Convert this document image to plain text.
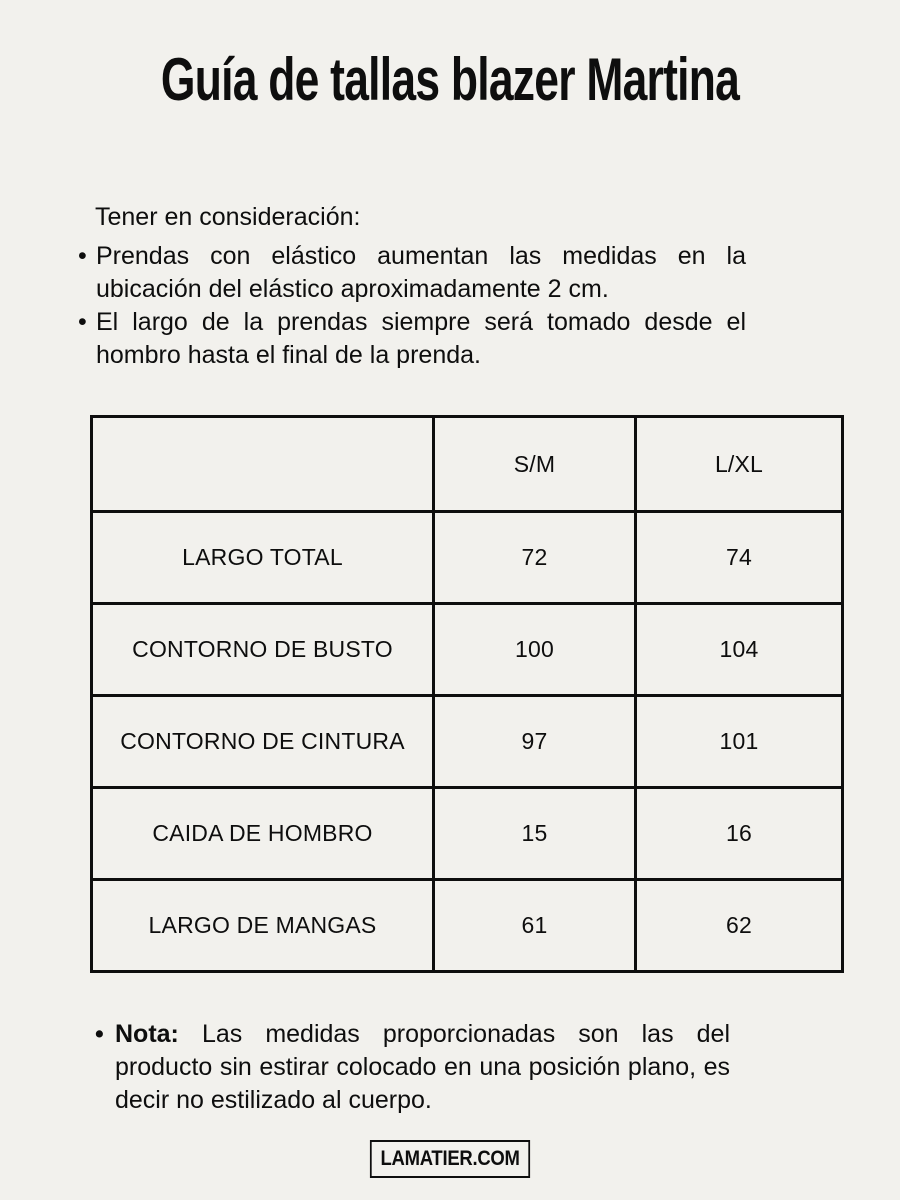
Guía de tallas blazer Martina
Tener en consideración:
•

Prendas con elástico aumentan las medidas en la ubicación del elástico aproximadamente 2 cm.

•

El largo de la prendas siempre será tomado desde el hombro hasta el final de la prenda.

	S/M	L/XL
LARGO TOTAL	72	74
CONTORNO DE BUSTO	100	104
CONTORNO DE CINTURA	97	101
CAIDA DE HOMBRO	15	16
LARGO DE MANGAS	61	62
•

Nota: Las medidas proporcionadas son las del producto sin estirar colocado en una posición plano, es decir no estilizado al cuerpo.

LAMATIER.COM
